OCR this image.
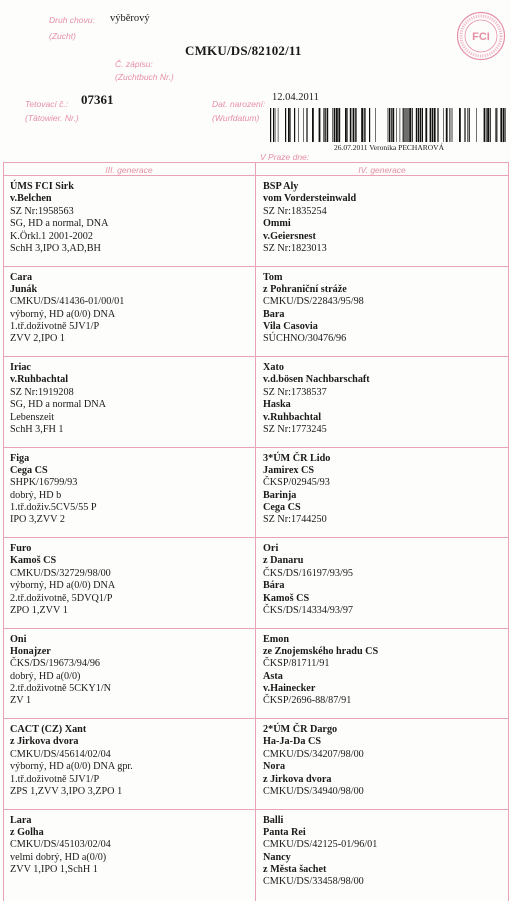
Druh chovu:
(Zucht)
výběrový
CMKU/DS/82102/11
Č. zápisu:
(Zuchtbuch Nr.)
Tetovací č.:
(Tätowier. Nr.)
07361	Dat. narození:
(Wurfdatum)
12.04.2011
26.07.2011 Veronika PECHAROVÁ
V Praze dne:
FCI
III. generace	IV. generace
ÚMS FCI Sirk
v.Belchen
SZ Nr:1958563
SG, HD a normal, DNA
K.Örkl.1 2001-2002
SchH 3,IPO 3,AD,BH
BSP Aly
vom Vordersteinwald
SZ Nr:1835254
Ommi
v.Geiersnest
SZ Nr:1823013
Cara
Junák
CMKU/DS/41436-01/00/01
výborný, HD a(0/0) DNA
1.tř.doživotně 5JV1/P
ZVV 2,IPO 1
Tom
z Pohraniční stráže
CMKU/DS/22843/95/98
Bara
Vila Casovia
SÚCHNO/30476/96
Iriac
v.Ruhbachtal
SZ Nr:1919208
SG, HD a normal DNA
Lebenszeit
SchH 3,FH 1
Xato
v.d.bösen Nachbarschaft
SZ Nr:1738537
Haska
v.Ruhbachtal
SZ Nr:1773245
Figa
Cega CS
SHPK/16799/93
dobrý, HD b
1.tř.doživ.5CV5/55 P
IPO 3,ZVV 2
3*ÚM ČR Lido
Jamirex CS
ČKSP/02945/93
Barinja
Cega CS
SZ Nr:1744250
Furo
Kamoš CS
CMKU/DS/32729/98/00
výborný, HD a(0/0) DNA
2.tř.doživotně, 5DVQ1/P
ZPO 1,ZVV 1
Ori
z Danaru
ČKS/DS/16197/93/95
Bára
Kamoš CS
ČKS/DS/14334/93/97
Oni
Honajzer
ČKS/DS/19673/94/96
dobrý, HD a(0/0)
2.tř.doživotně 5CKY1/N
ZV 1
Emon
ze Znojemského hradu CS
ČKSP/81711/91
Asta
v.Hainecker
ČKSP/2696-88/87/91
CACT (CZ) Xant
z Jirkova dvora
CMKU/DS/45614/02/04
výborný, HD a(0/0) DNA gpr.
1.tř.doživotně 5JV1/P
ZPS 1,ZVV 3,IPO 3,ZPO 1
2*ÚM ČR Dargo
Ha-Ja-Da CS
CMKU/DS/34207/98/00
Nora
z Jirkova dvora
CMKU/DS/34940/98/00
Lara
z Golha
CMKU/DS/45103/02/04
velmi dobrý, HD a(0/0)
ZVV 1,IPO 1,SchH 1
Balli
Panta Rei
CMKU/DS/42125-01/96/01
Nancy
z Města šachet
CMKU/DS/33458/98/00
